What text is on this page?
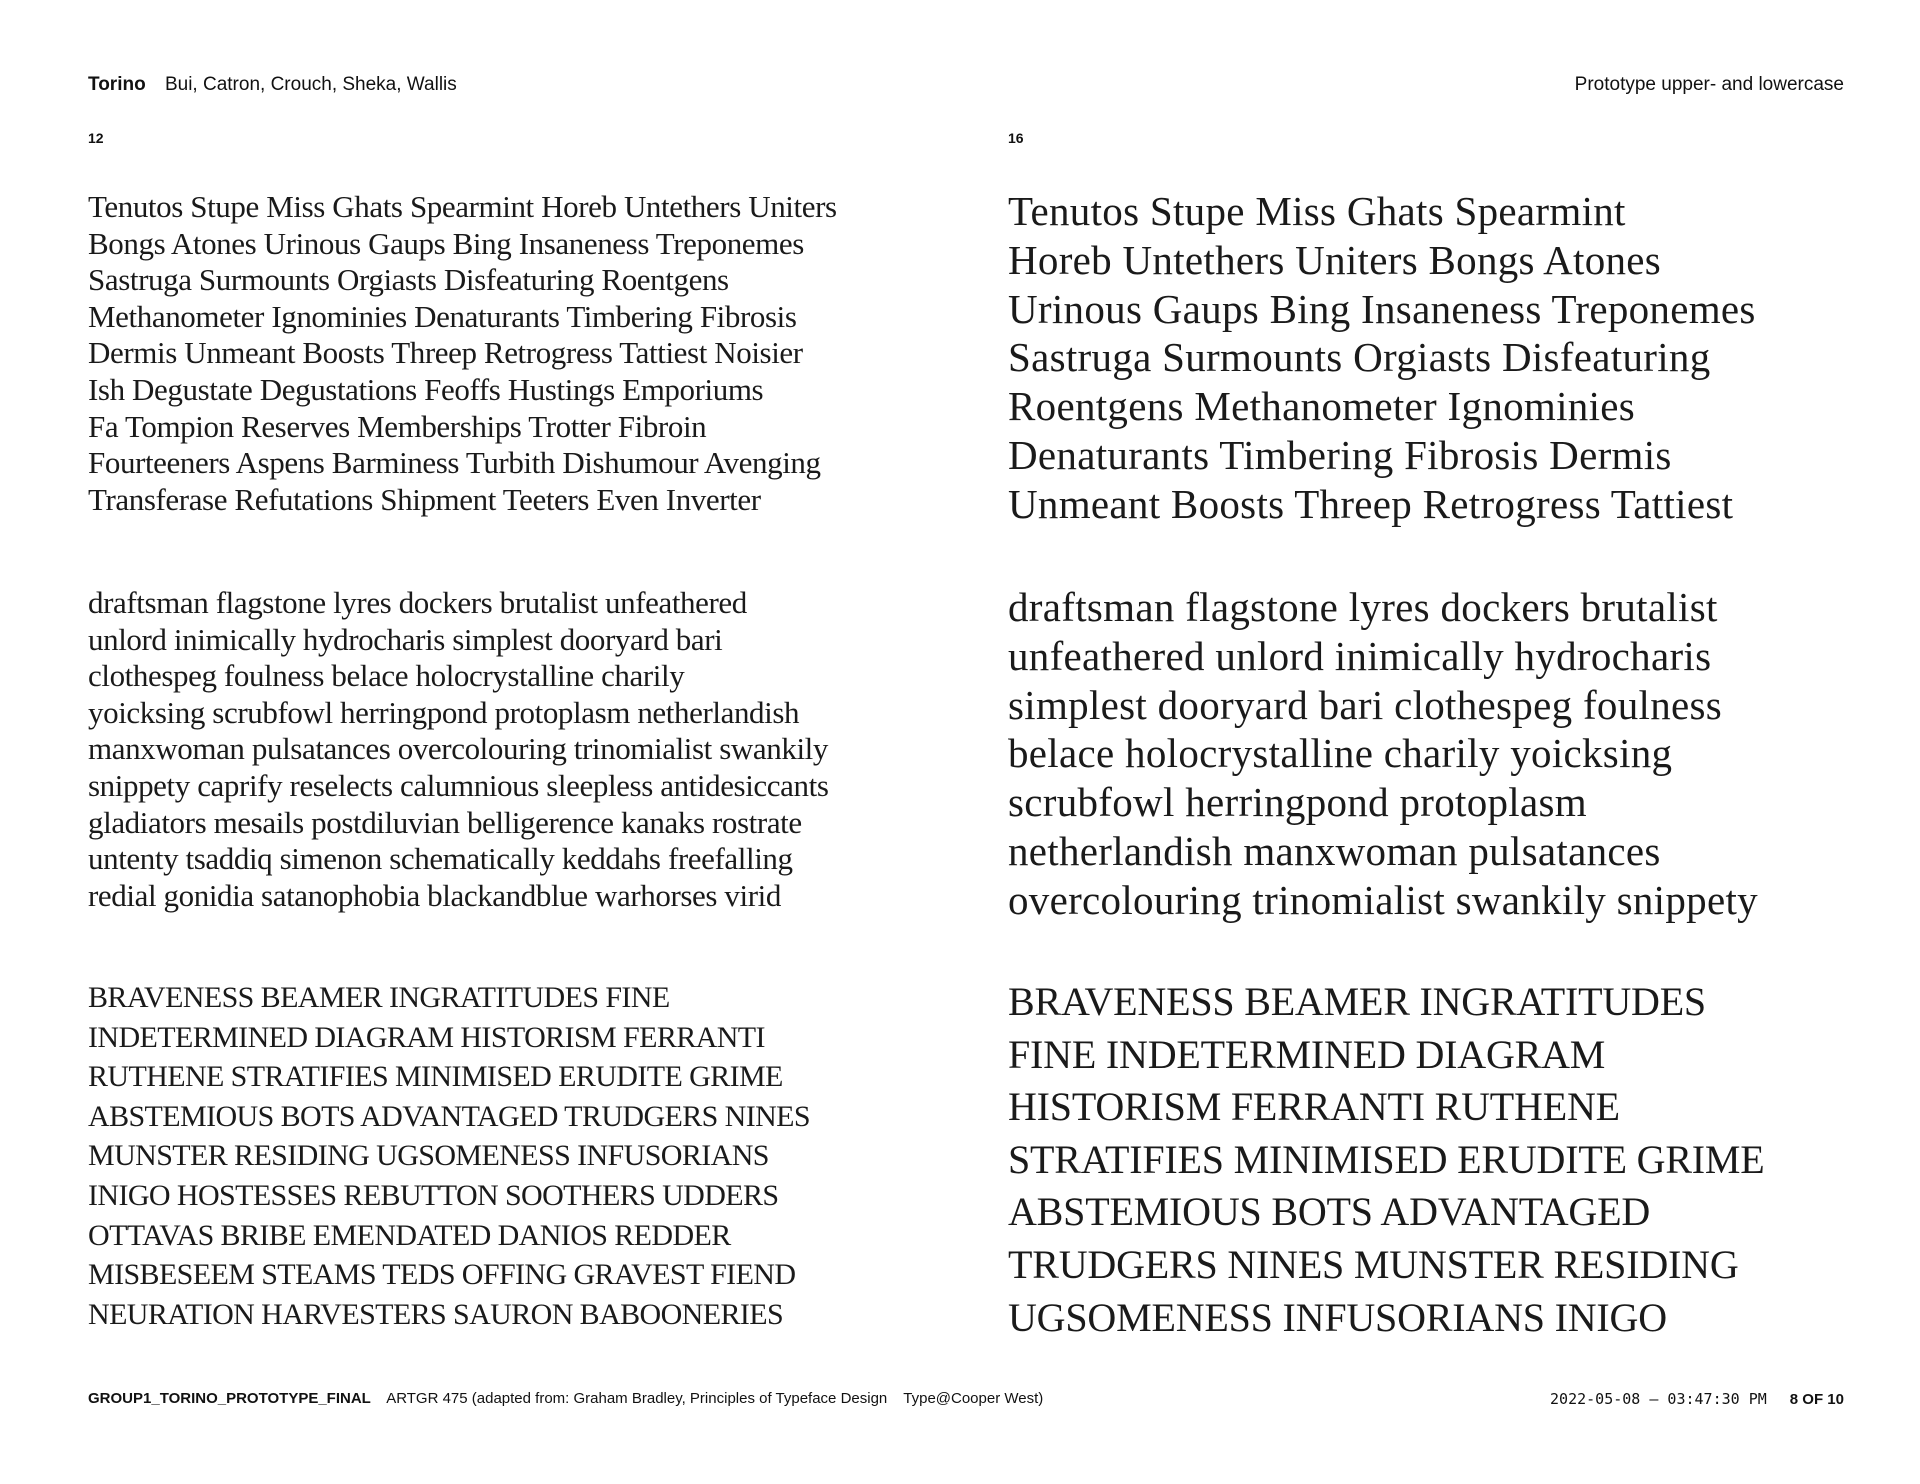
Torino Bui, Catron, Crouch, Sheka, Wallis	Prototype upper- and lowercase
12
Tenutos Stupe Miss Ghats Spearmint Horeb Untethers Uniters
Bongs Atones Urinous Gaups Bing Insaneness Treponemes
Sastruga Surmounts Orgiasts Disfeaturing Roentgens
Methanometer Ignominies Denaturants Timbering Fibrosis
Dermis Unmeant Boosts Threep Retrogress Tattiest Noisier
Ish Degustate Degustations Feoffs Hustings Emporiums
Fa Tompion Reserves Memberships Trotter Fibroin
Fourteeners Aspens Barminess Turbith Dishumour Avenging
Transferase Refutations Shipment Teeters Even Inverter
draftsman flagstone lyres dockers brutalist unfeathered
unlord inimically hydrocharis simplest dooryard bari
clothespeg foulness belace holocrystalline charily
yoicksing scrubfowl herringpond protoplasm netherlandish
manxwoman pulsatances overcolouring trinomialist swankily
snippety caprify reselects calumnious sleepless antidesiccants
gladiators mesails postdiluvian belligerence kanaks rostrate
untenty tsaddiq simenon schematically keddahs freefalling
redial gonidia satanophobia blackandblue warhorses virid
BRAVENESS BEAMER INGRATITUDES FINE
INDETERMINED DIAGRAM HISTORISM FERRANTI
RUTHENE STRATIFIES MINIMISED ERUDITE GRIME
ABSTEMIOUS BOTS ADVANTAGED TRUDGERS NINES
MUNSTER RESIDING UGSOMENESS INFUSORIANS
INIGO HOSTESSES REBUTTON SOOTHERS UDDERS
OTTAVAS BRIBE EMENDATED DANIOS REDDER
MISBESEEM STEAMS TEDS OFFING GRAVEST FIEND
NEURATION HARVESTERS SAURON BABOONERIES
16
Tenutos Stupe Miss Ghats Spearmint
Horeb Untethers Uniters Bongs Atones
Urinous Gaups Bing Insaneness Treponemes
Sastruga Surmounts Orgiasts Disfeaturing
Roentgens Methanometer Ignominies
Denaturants Timbering Fibrosis Dermis
Unmeant Boosts Threep Retrogress Tattiest
draftsman flagstone lyres dockers brutalist
unfeathered unlord inimically hydrocharis
simplest dooryard bari clothespeg foulness
belace holocrystalline charily yoicksing
scrubfowl herringpond protoplasm
netherlandish manxwoman pulsatances
overcolouring trinomialist swankily snippety
BRAVENESS BEAMER INGRATITUDES
FINE INDETERMINED DIAGRAM
HISTORISM FERRANTI RUTHENE
STRATIFIES MINIMISED ERUDITE GRIME
ABSTEMIOUS BOTS ADVANTAGED
TRUDGERS NINES MUNSTER RESIDING
UGSOMENESS INFUSORIANS INIGO
GROUP1_TORINO_PROTOTYPE_FINAL ARTGR 475 (adapted from: Graham Bradley, Principles of Typeface Design Type@Cooper West)	2022-05-08 — 03:47:30 PM 8 OF 10
